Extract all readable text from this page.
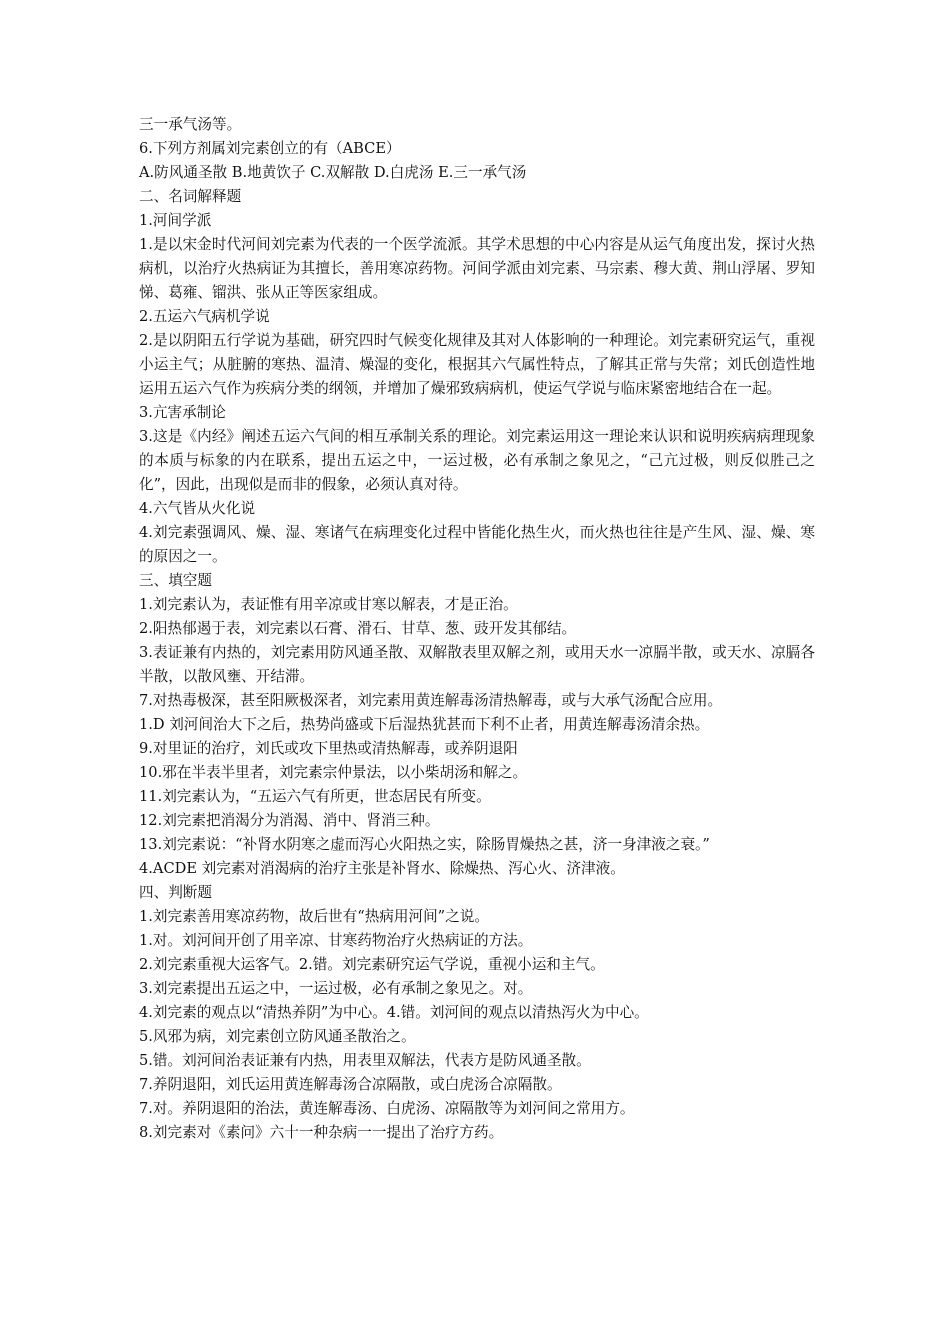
三一承气汤等。

6.下列方剂属刘完素创立的有（ABCE）

A.防风通圣散 B.地黄饮子 C.双解散 D.白虎汤 E.三一承气汤

二、名词解释题

1.河间学派

1.是以宋金时代河间刘完素为代表的一个医学流派。其学术思想的中心内容是从运气角度出发，探讨火热病机，以治疗火热病证为其擅长，善用寒凉药物。河间学派由刘完素、马宗素、穆大黄、荆山浮屠、罗知悌、葛雍、镏洪、张从正等医家组成。

2.五运六气病机学说

2.是以阴阳五行学说为基础，研究四时气候变化规律及其对人体影响的一种理论。刘完素研究运气，重视小运主气；从脏腑的寒热、温清、燥湿的变化，根据其六气属性特点，了解其正常与失常；刘氏创造性地运用五运六气作为疾病分类的纲领，并增加了燥邪致病病机，使运气学说与临床紧密地结合在一起。

3.亢害承制论

3.这是《内经》阐述五运六气间的相互承制关系的理论。刘完素运用这一理论来认识和说明疾病病理现象的本质与标象的内在联系，提出五运之中，一运过极，必有承制之象见之，“己亢过极，则反似胜己之化”，因此，出现似是而非的假象，必须认真对待。

4.六气皆从火化说

4.刘完素强调风、燥、湿、寒诸气在病理变化过程中皆能化热生火，而火热也往往是产生风、湿、燥、寒的原因之一。

三、填空题

1.刘完素认为，表证惟有用辛凉或甘寒以解表，才是正治。

2.阳热郁遏于表，刘完素以石膏、滑石、甘草、葱、豉开发其郁结。

3.表证兼有内热的，刘完素用防风通圣散、双解散表里双解之剂，或用天水一凉膈半散，或天水、凉膈各半散，以散风壅、开结滞。

7.对热毒极深，甚至阳厥极深者，刘完素用黄连解毒汤清热解毒，或与大承气汤配合应用。

1.D 刘河间治大下之后，热势尚盛或下后湿热犹甚而下利不止者，用黄连解毒汤清余热。

9.对里证的治疗，刘氏或攻下里热或清热解毒，或养阴退阳

10.邪在半表半里者，刘完素宗仲景法，以小柴胡汤和解之。

11.刘完素认为，“五运六气有所更，世态居民有所变。

12.刘完素把消渴分为消渴、消中、肾消三种。

13.刘完素说：“补肾水阴寒之虚而泻心火阳热之实，除肠胃燥热之甚，济一身津液之衰。”

4.ACDE 刘完素对消渴病的治疗主张是补肾水、除燥热、泻心火、济津液。

四、判断题

1.刘完素善用寒凉药物，故后世有“热病用河间”之说。

1.对。刘河间开创了用辛凉、甘寒药物治疗火热病证的方法。

2.刘完素重视大运客气。2.错。刘完素研究运气学说，重视小运和主气。

3.刘完素提出五运之中，一运过极，必有承制之象见之。对。

4.刘完素的观点以“清热养阴”为中心。4.错。刘河间的观点以清热泻火为中心。

5.风邪为病，刘完素创立防风通圣散治之。

5.错。刘河间治表证兼有内热，用表里双解法，代表方是防风通圣散。

7.养阴退阳，刘氏运用黄连解毒汤合凉隔散，或白虎汤合凉隔散。

7.对。养阴退阳的治法，黄连解毒汤、白虎汤、凉隔散等为刘河间之常用方。

8.刘完素对《素问》六十一种杂病一一提出了治疗方药。
